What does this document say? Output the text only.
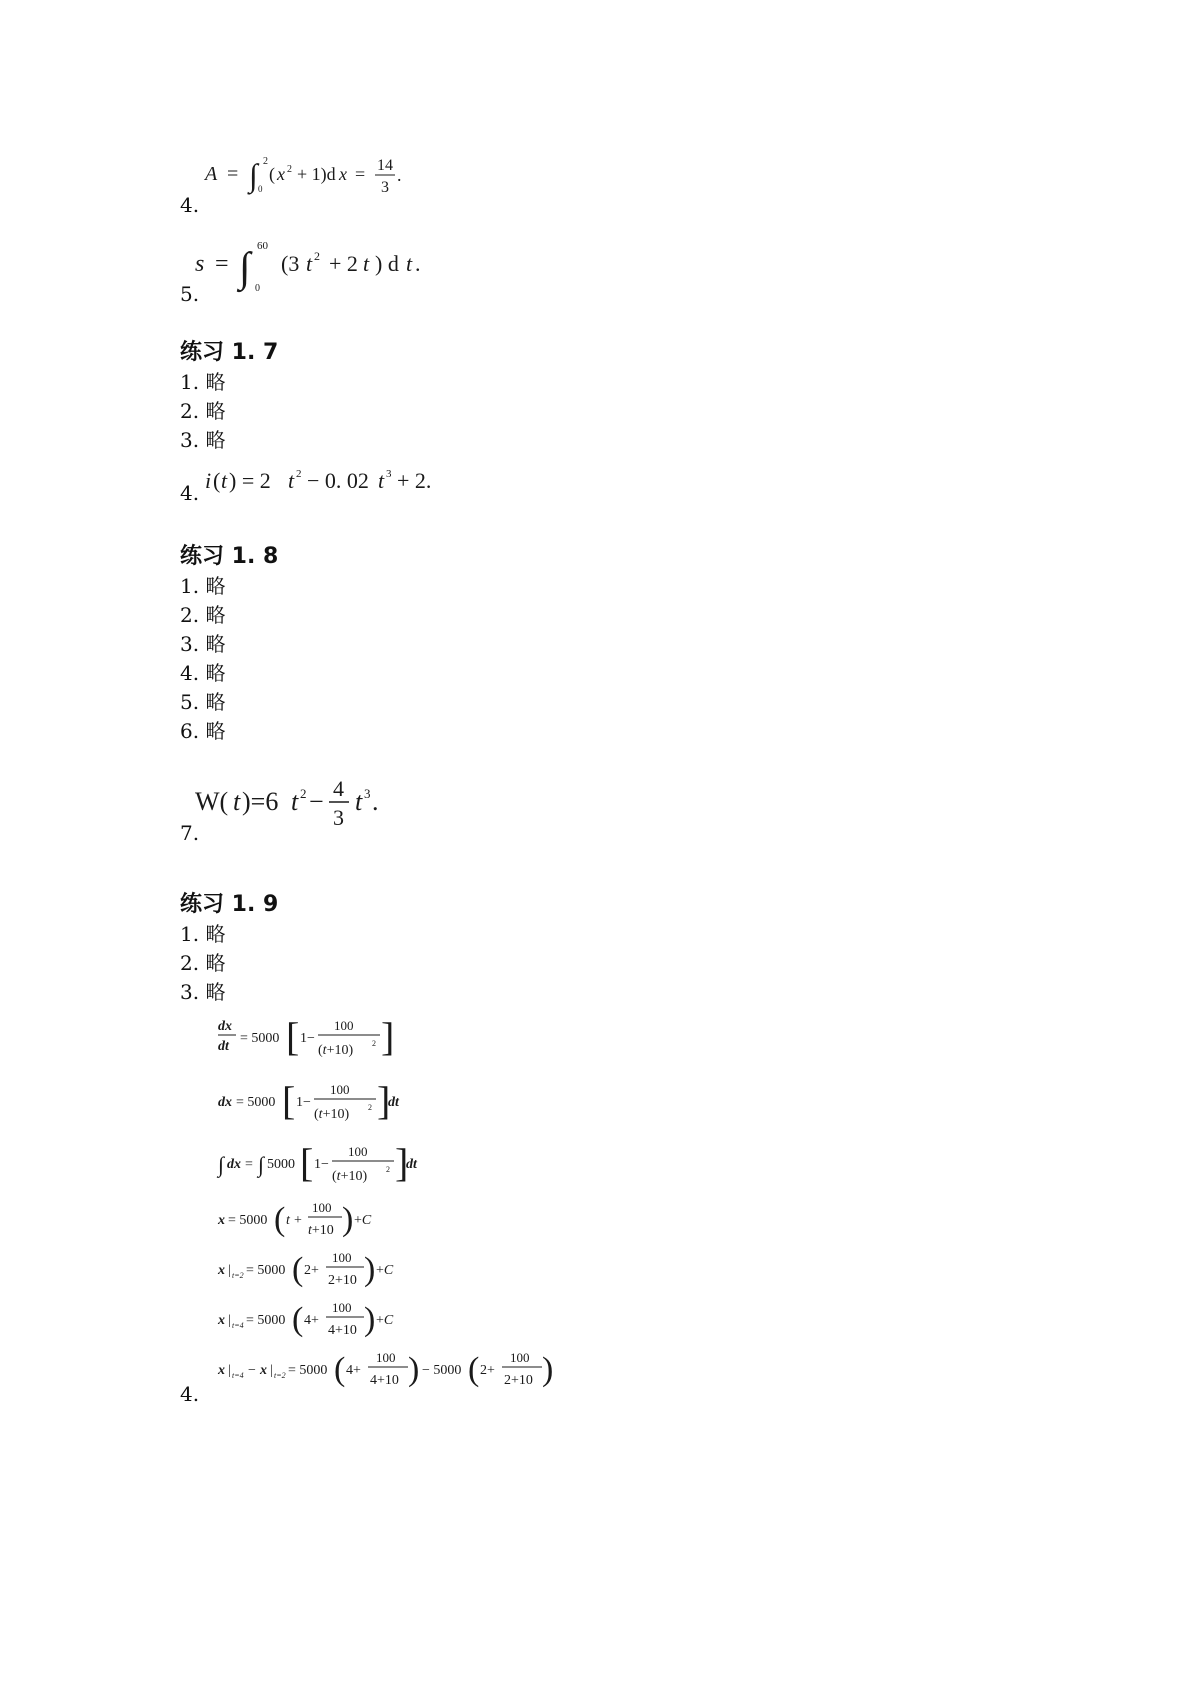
A = ∫ 2
0
( x 2 + 1)d x = 14
3
.
4.
s = ∫ 60
0
(3 t 2 + 2 t ) d t .
5.
练习 1. 7
1. 略
2. 略
3. 略
i ( t ) = 2 t 2 − 0. 02 t 3 + 2.
4.
练习 1. 8
1. 略
2. 略
3. 略
4. 略
5. 略
6. 略
W( t )=6 t 2 − 4
3
t 3 .
7.
练习 1. 9
1. 略
2. 略
3. 略
dx
dt
= 5000 [ 1−
100
(t+10) 2 ]
dx = 5000 [ 1−
100
(t+10) 2 ]
dt
∫ dx = ∫ 5000 [ 1−
100
(t+10) 2 ]
dt
x = 5000 ( t +
100
t+10 ) +C
x | t=2 = 5000 ( 2+
100
2+10 ) +C
x | t=4 = 5000 ( 4+
100
4+10 ) +C
x | t=4 − x | t=2 = 5000 ( 4+
100
4+10 ) − 5000 ( 2+
100
2+10 )
4.
